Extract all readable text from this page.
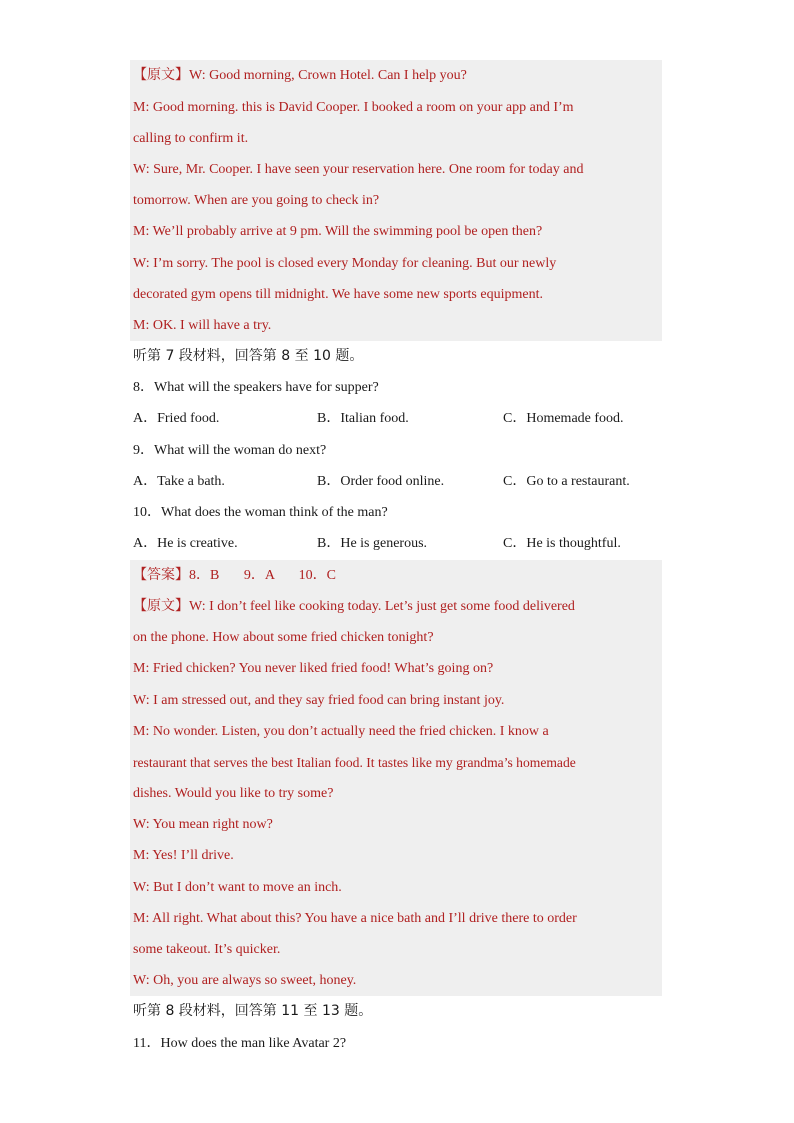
【原文】W: Good morning, Crown Hotel. Can I help you?
M: Good morning. this is David Cooper. I booked a room on your app and I’m
calling to confirm it.
W: Sure, Mr. Cooper. I have seen your reservation here. One room for today and
tomorrow. When are you going to check in?
M: We’ll probably arrive at 9 pm. Will the swimming pool be open then?
W: I’m sorry. The pool is closed every Monday for cleaning. But our newly
decorated gym opens till midnight. We have some new sports equipment.
M: OK. I will have a try.
听第 7 段材料，回答第 8 至 10 题。
8．What will the speakers have for supper?
A．Fried food.	B．Italian food.	C．Homemade food.
9．What will the woman do next?
A．Take a bath.	B．Order food online.	C．Go to a restaurant.
10．What does the woman think of the man?
A．He is creative.	B．He is generous.	C．He is thoughtful.
【答案】8．B       9．A       10．C
【原文】W: I don’t feel like cooking today. Let’s just get some food delivered
on the phone. How about some fried chicken tonight?
M: Fried chicken? You never liked fried food! What’s going on?
W: I am stressed out, and they say fried food can bring instant joy.
M: No wonder. Listen, you don’t actually need the fried chicken. I know a
restaurant that serves the best Italian food. It tastes like my grandma’s homemade
dishes. Would you like to try some?
W: You mean right now?
M: Yes! I’ll drive.
W: But I don’t want to move an inch.
M: All right. What about this? You have a nice bath and I’ll drive there to order
some takeout. It’s quicker.
W: Oh, you are always so sweet, honey.
听第 8 段材料，回答第 11 至 13 题。
11．How does the man like Avatar 2?
